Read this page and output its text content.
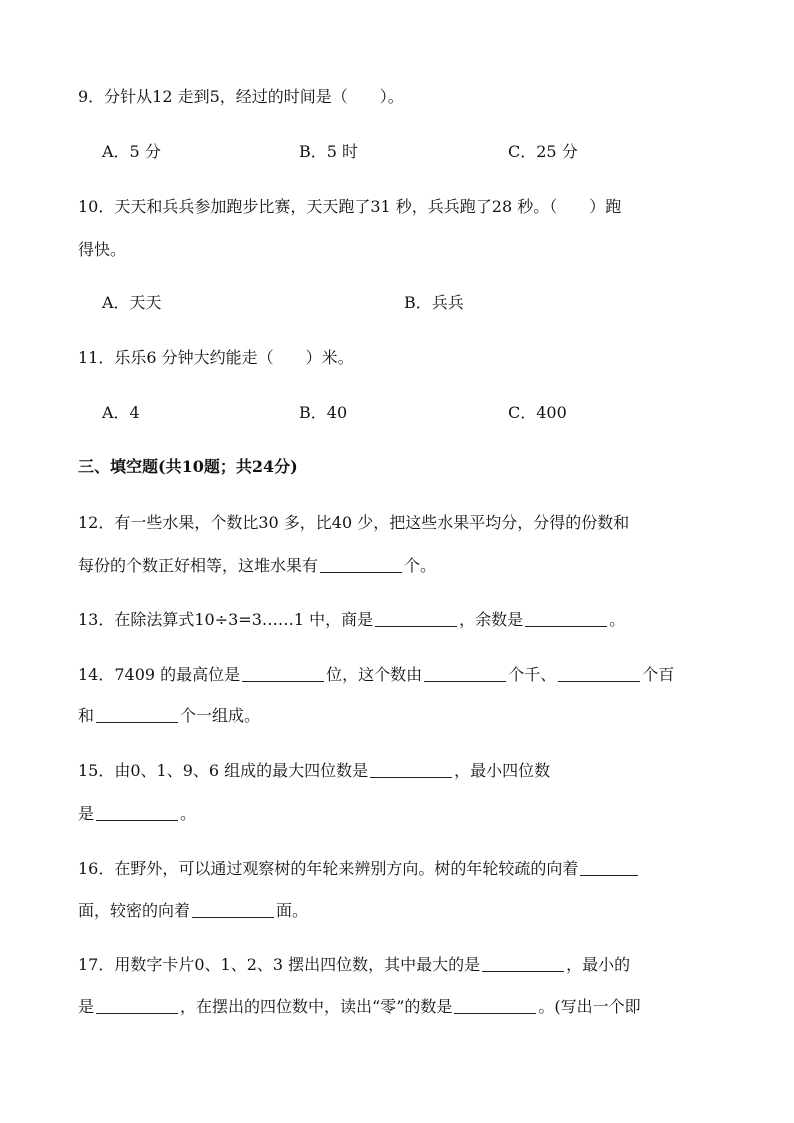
9．分针从12 走到5，经过的时间是（　　）。
A．5 分	B．5 时	C．25 分
10．天天和兵兵参加跑步比赛，天天跑了31 秒，兵兵跑了28 秒。（　　）跑
得快。
A．天天	B．兵兵
11．乐乐6 分钟大约能走（　　）米。
A．4	B．40	C．400
三、填空题(共10题；共24分)
12．有一些水果，个数比30 多，比40 少，把这些水果平均分，分得的份数和
每份的个数正好相等，这堆水果有	个。
13．在除法算式10÷3=3……1 中，商是	，余数是	。
14．7409 的最高位是	位，这个数由	个千、	个百
和	个一组成。
15．由0、1、9、6 组成的最大四位数是	，最小四位数
是	。
16．在野外，可以通过观察树的年轮来辨别方向。树的年轮较疏的向着
面，较密的向着	面。
17．用数字卡片0、1、2、3 摆出四位数，其中最大的是	，最小的
是	，在摆出的四位数中，读出“零”的数是	。(写出一个即
